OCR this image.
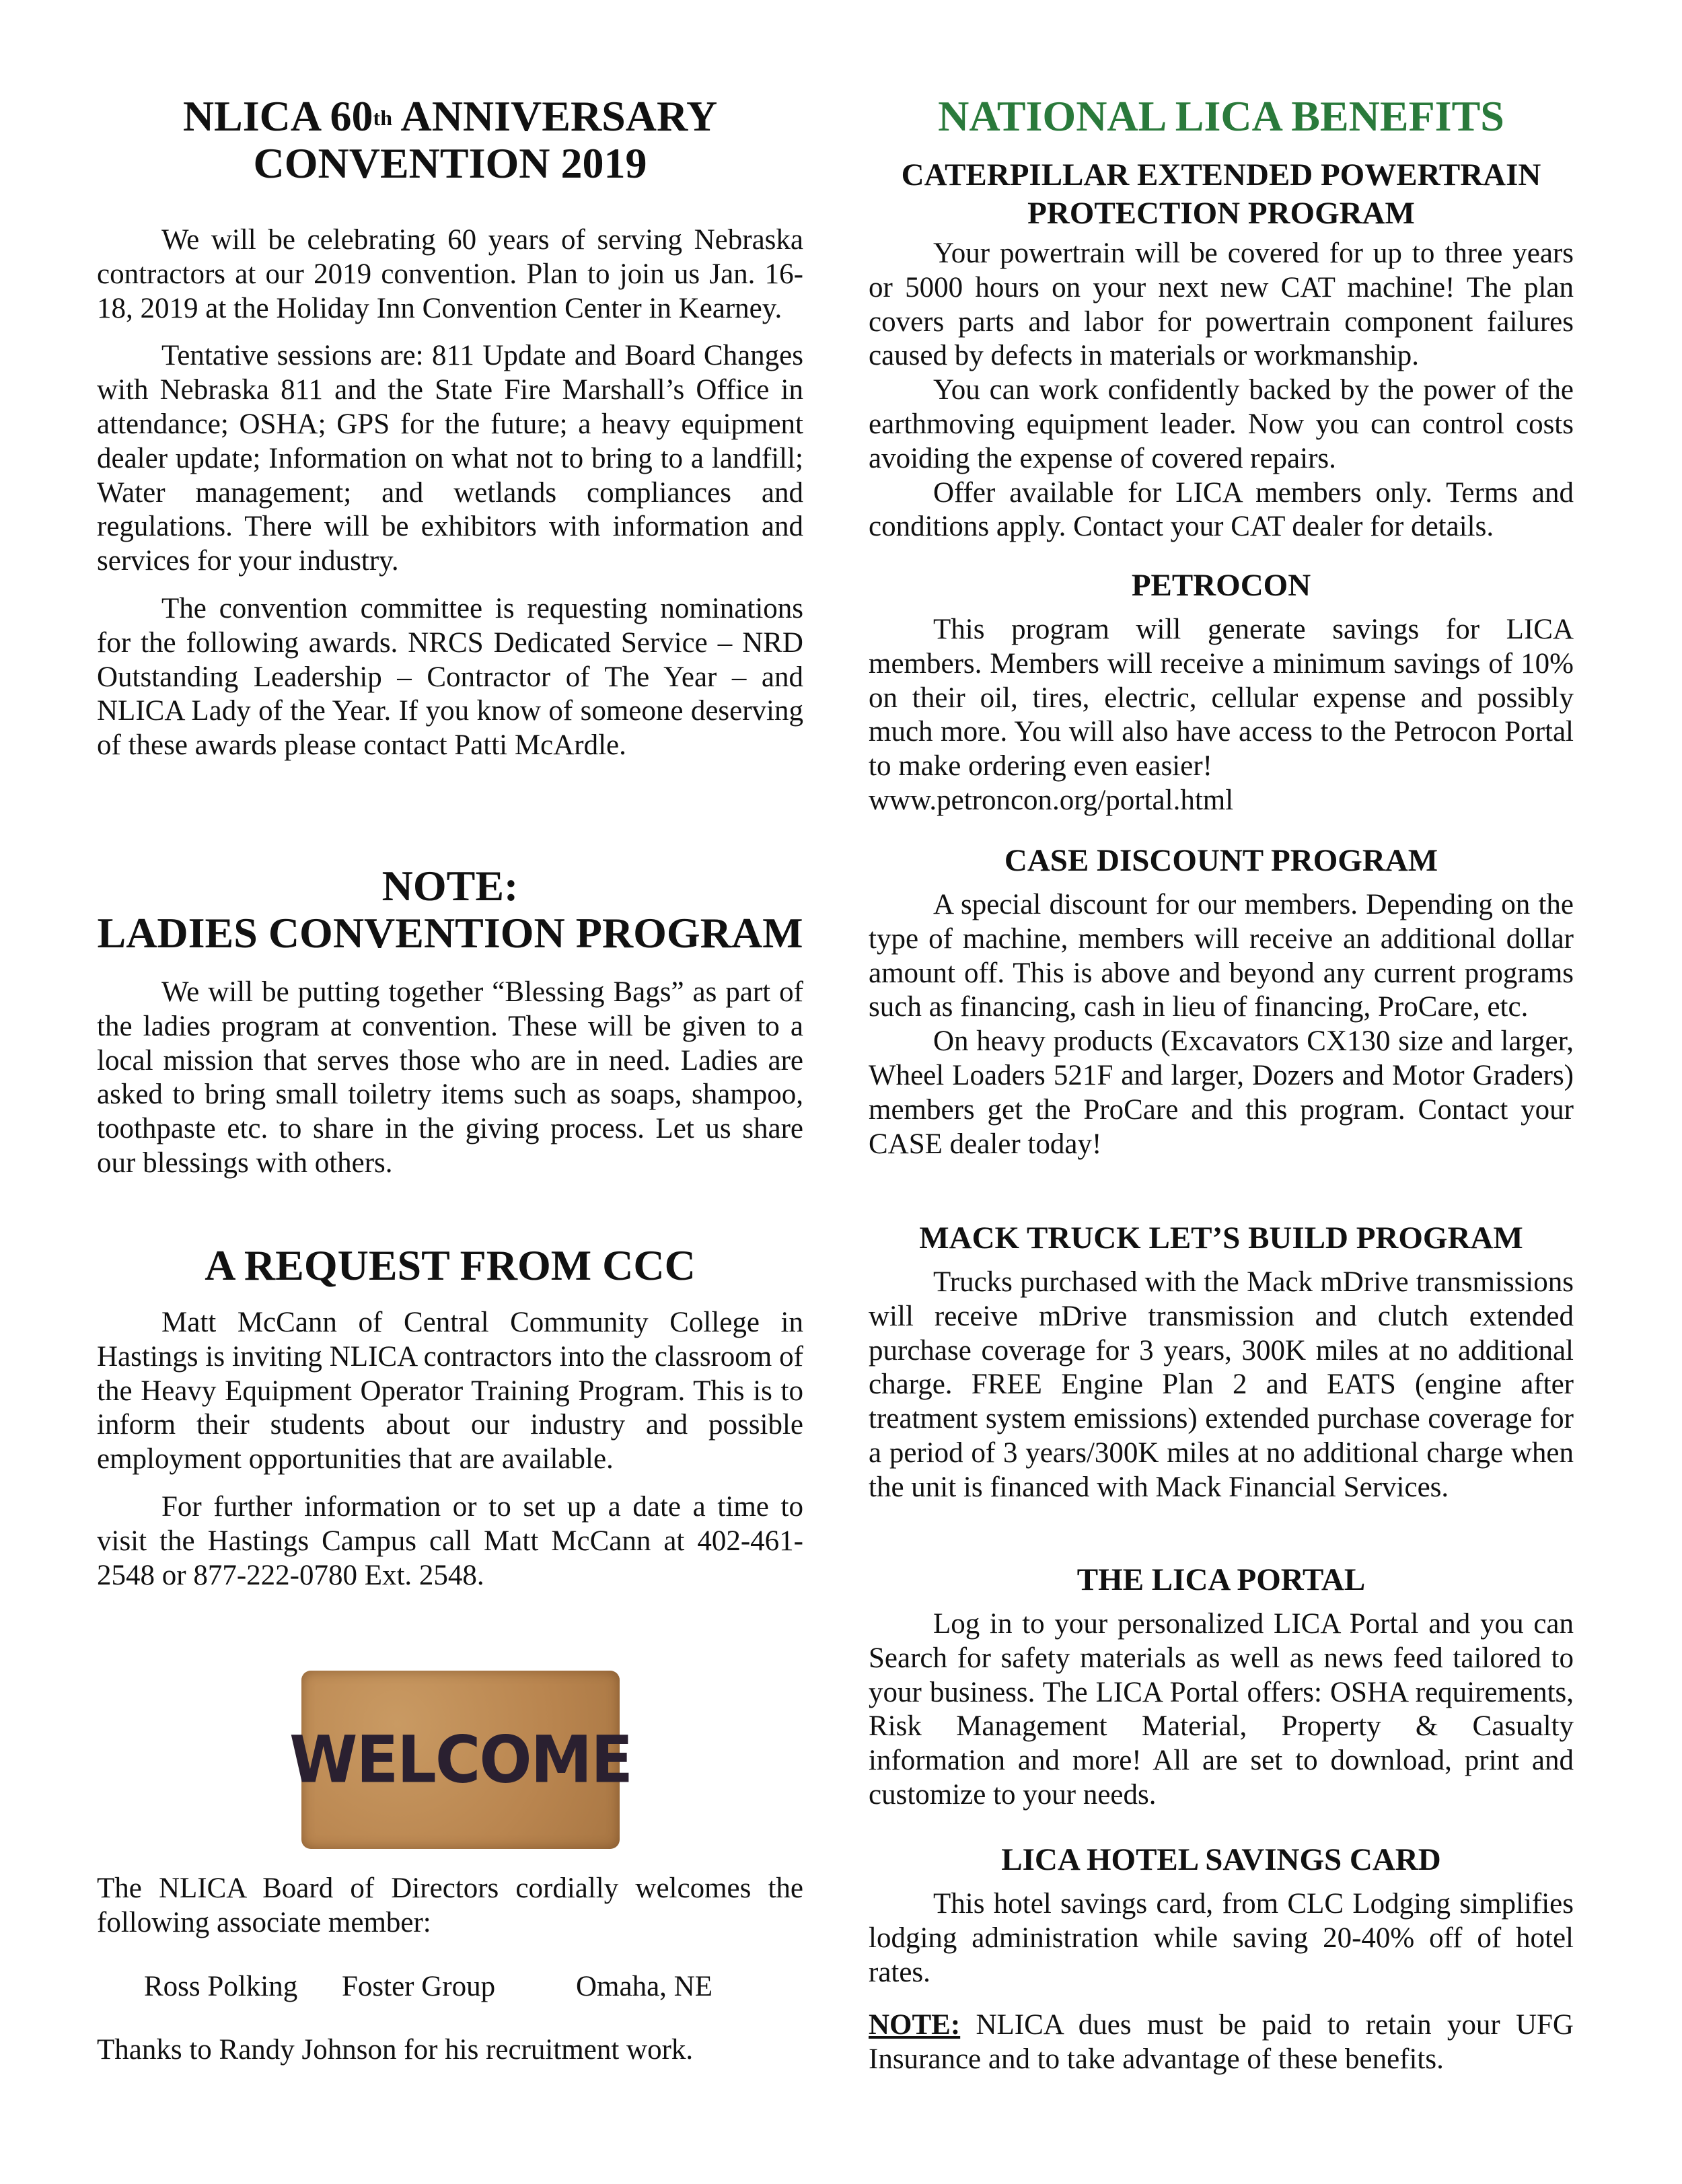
NLICA 60th ANNIVERSARY

CONVENTION 2019

We will be celebrating 60 years of serving Nebraska contractors at our 2019 convention. Plan to join us Jan. 16-18, 2019 at the Holiday Inn Convention Center in Kearney.

Tentative sessions are: 811 Update and Board Changes with Nebraska 811 and the State Fire Marshall’s Office in attendance; OSHA; GPS for the future; a heavy equipment dealer update; Information on what not to bring to a landfill; Water management; and wetlands compliances and regulations. There will be exhibitors with information and services for your industry.

The convention committee is requesting nominations for the following awards. NRCS Dedicated Service – NRD Outstanding Leadership – Contractor of The Year – and NLICA Lady of the Year. If you know of someone deserving of these awards please contact Patti McArdle.

NOTE:

LADIES CONVENTION PROGRAM

We will be putting together “Blessing Bags” as part of the ladies program at convention. These will be given to a local mission that serves those who are in need. Ladies are asked to bring small toiletry items such as soaps, shampoo, toothpaste etc. to share in the giving process. Let us share our blessings with others.

A REQUEST FROM CCC

Matt McCann of Central Community College in Hastings is inviting NLICA contractors into the classroom of the Heavy Equipment Operator Training Program. This is to inform their students about our industry and possible employment opportunities that are available.

For further information or to set up a date a time to visit the Hastings Campus call Matt McCann at 402-461-2548 or 877-222-0780 Ext. 2548.

WELCOME

The NLICA Board of Directors cordially welcomes the following associate member:

Ross Polking	Foster Group	Omaha, NE

Thanks to Randy Johnson for his recruitment work.

NATIONAL LICA BENEFITS

CATERPILLAR EXTENDED POWERTRAIN

PROTECTION PROGRAM

Your powertrain will be covered for up to three years or 5000 hours on your next new CAT machine! The plan covers parts and labor for powertrain component failures caused by defects in materials or workmanship.

You can work confidently backed by the power of the earthmoving equipment leader. Now you can control costs avoiding the expense of covered repairs.

Offer available for LICA members only. Terms and conditions apply. Contact your CAT dealer for details.

PETROCON

This program will generate savings for LICA members. Members will receive a minimum savings of 10% on their oil, tires, electric, cellular expense and possibly much more. You will also have access to the Petrocon Portal to make ordering even easier!

www.petroncon.org/portal.html

CASE DISCOUNT PROGRAM

A special discount for our members. Depending on the type of machine, members will receive an additional dollar amount off. This is above and beyond any current programs such as financing, cash in lieu of financing, ProCare, etc.

On heavy products (Excavators CX130 size and larger, Wheel Loaders 521F and larger, Dozers and Motor Graders) members get the ProCare and this program. Contact your CASE dealer today!

MACK TRUCK LET’S BUILD PROGRAM

Trucks purchased with the Mack mDrive transmissions will receive mDrive transmission and clutch extended purchase coverage for 3 years, 300K miles at no additional charge. FREE Engine Plan 2 and EATS (engine after treatment system emissions) extended purchase coverage for a period of 3 years/300K miles at no additional charge when the unit is financed with Mack Financial Services.

THE LICA PORTAL

Log in to your personalized LICA Portal and you can Search for safety materials as well as news feed tailored to your business. The LICA Portal offers: OSHA requirements, Risk Management Material, Property & Casualty information and more! All are set to download, print and customize to your needs.

LICA HOTEL SAVINGS CARD

This hotel savings card, from CLC Lodging simplifies lodging administration while saving 20-40% off of hotel rates.

NOTE: NLICA dues must be paid to retain your UFG Insurance and to take advantage of these benefits.
